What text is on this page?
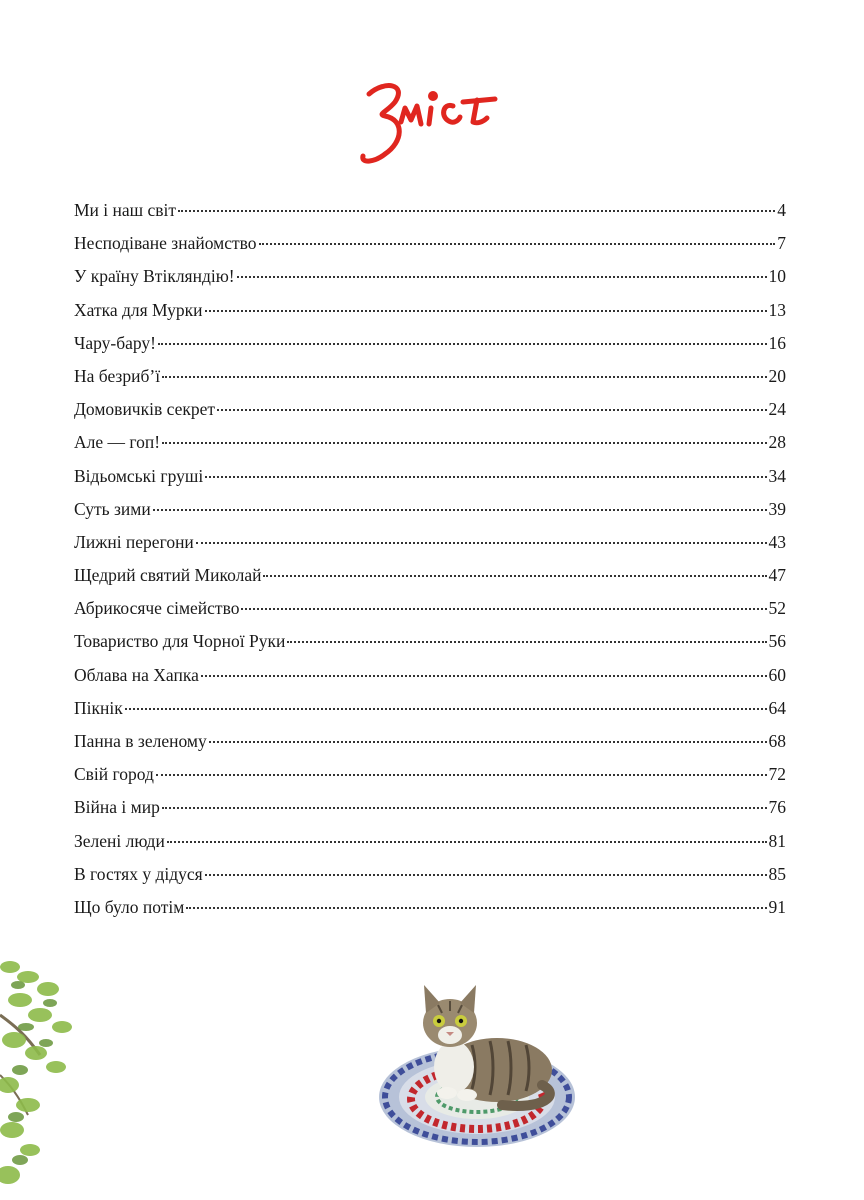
Ми і наш світ	4
Несподіване знайомство	7
У країну Втікляндію!	10
Хатка для Мурки	13
Чару-бару!	16
На безриб’ї	20
Домовичків секрет	24
Але — гоп!	28
Відьомські груші	34
Суть зими	39
Лижні перегони	43
Щедрий святий Миколай	47
Абрикосяче сімейство	52
Товариство для Чорної Руки	56
Облава на Хапка	60
Пікнік	64
Панна в зеленому	68
Свій город	72
Війна і мир	76
Зелені люди	81
В гостях у дідуся	85
Що було потім	91
